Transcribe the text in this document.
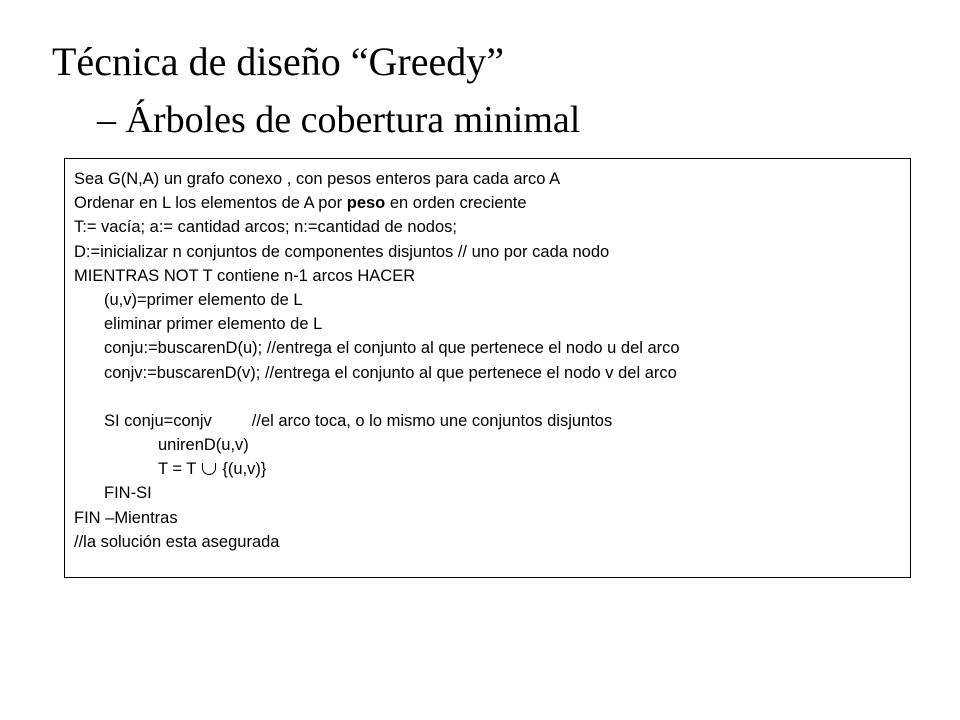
Técnica de diseño “Greedy”
– Árboles de cobertura minimal
Sea G(N,A) un grafo conexo , con pesos enteros para cada arco A
Ordenar en L los elementos de A por peso en orden creciente
T:= vacía; a:= cantidad arcos; n:=cantidad de nodos;
D:=inicializar n conjuntos de componentes disjuntos // uno por cada nodo
MIENTRAS NOT T contiene n-1 arcos HACER
(u,v)=primer elemento de L
eliminar primer elemento de L
conju:=buscarenD(u); //entrega el conjunto al que pertenece el nodo u del arco
conjv:=buscarenD(v); //entrega el conjunto al que pertenece el nodo v del arco
SI conju=conjv //el arco toca, o lo mismo une conjuntos disjuntos
unirenD(u,v)
T = T {(u,v)}
FIN-SI
FIN –Mientras
//la solución esta asegurada
